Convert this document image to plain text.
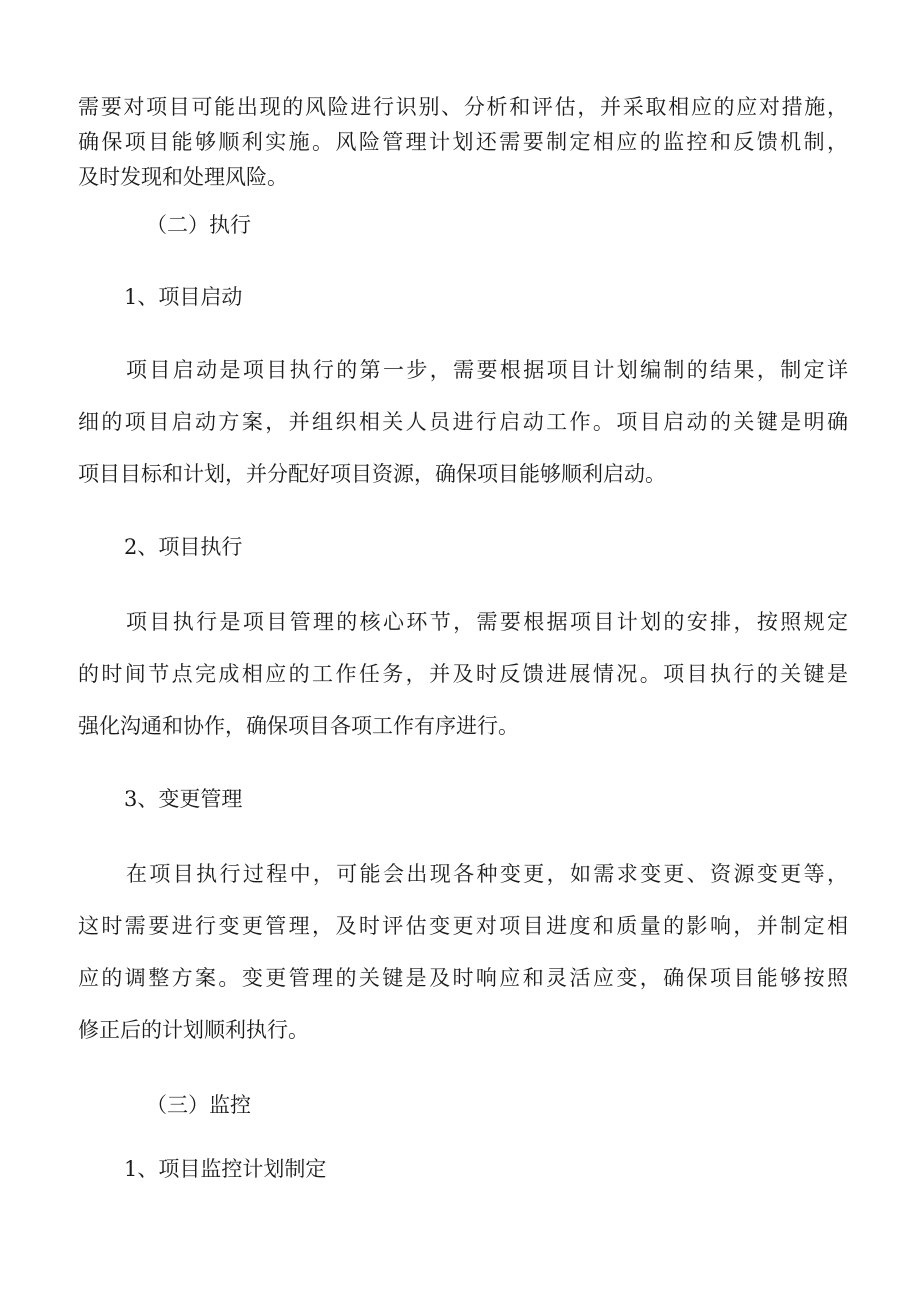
需要对项目可能出现的风险进行识别、分析和评估，并采取相应的应对措施，
确保项目能够顺利实施。风险管理计划还需要制定相应的监控和反馈机制，
及时发现和处理风险。
（二）执行
1、项目启动
项目启动是项目执行的第一步，需要根据项目计划编制的结果，制定详
细的项目启动方案，并组织相关人员进行启动工作。项目启动的关键是明确
项目目标和计划，并分配好项目资源，确保项目能够顺利启动。
2、项目执行
项目执行是项目管理的核心环节，需要根据项目计划的安排，按照规定
的时间节点完成相应的工作任务，并及时反馈进展情况。项目执行的关键是
强化沟通和协作，确保项目各项工作有序进行。
3、变更管理
在项目执行过程中，可能会出现各种变更，如需求变更、资源变更等，
这时需要进行变更管理，及时评估变更对项目进度和质量的影响，并制定相
应的调整方案。变更管理的关键是及时响应和灵活应变，确保项目能够按照
修正后的计划顺利执行。
（三）监控
1、项目监控计划制定
